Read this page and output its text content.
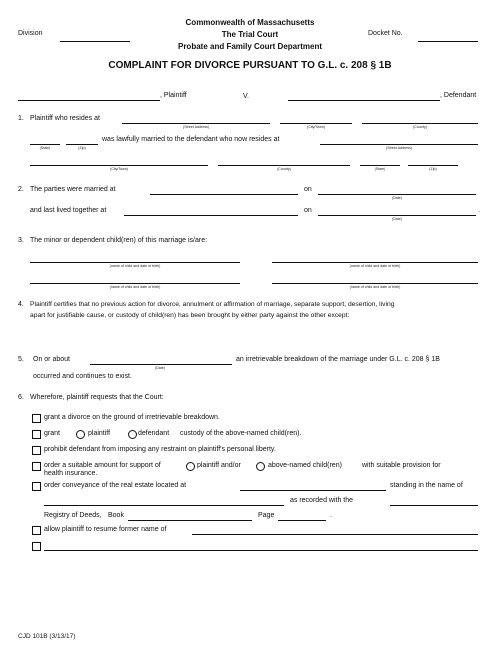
Commonwealth of Massachusetts
The Trial Court
Probate and Family Court Department
Division	Docket No.
COMPLAINT FOR DIVORCE PURSUANT TO G.L. c. 208 § 1B
, Plaintiff	V.	, Defendant
1. Plaintiff who resides at
(Street Address)	(City/Town)	(County)
was lawfully married to the defendant who now resides at
(State)	(Zip)	(Street Address)
(City/Town)	(County)	(State)	(Zip)
2. The parties were married at	on
(Date)
and last lived together at	on	.
(Date)
3. The minor or dependent child(ren) of this marriage is/are:
(name of child and date of birth)	(name of child and date of birth)
(name of child and date of birth)	(name of child and date of birth)
4. Plaintiff certifies that no previous action for divorce, annulment or affirmation of marriage, separate support, desertion, living
apart for justifiable cause, or custody of child(ren) has been brought by either party against the other except:
5. On or about	an irretrievable breakdown of the marriage under G.L. c. 208 § 1B
(Date)
occurred and continues to exist.
6. Wherefore, plaintiff requests that the Court:
grant a divorce on the ground of irretrievable breakdown.
grant	plaintiff	defendant custody of the above-named child(ren).
prohibit defendant from imposing any restraint on plaintiff's personal liberty.
order a suitable amount for support of	plaintiff and/or	above-named child(ren)	with suitable provision for
health insurance.
order conveyance of the real estate located at	standing in the name of
as recorded with the
Registry of Deeds, Book	Page	.
allow plaintiff to resume former name of
CJD 101B (3/13/17)
